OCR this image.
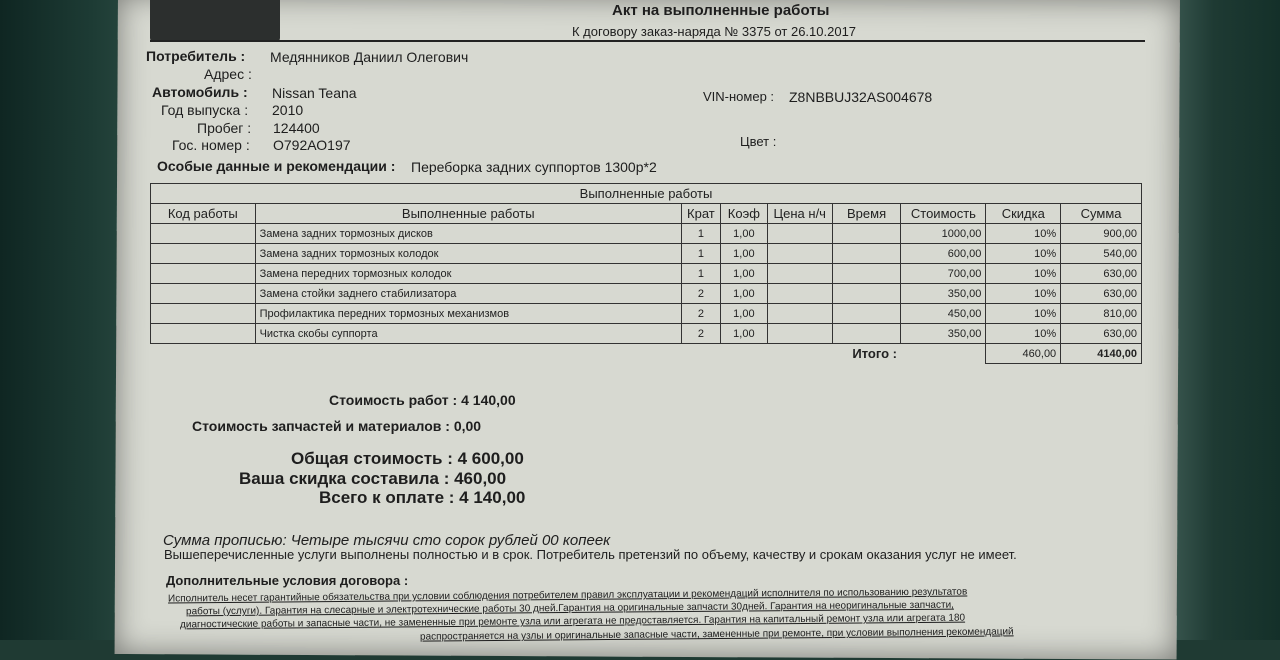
Акт на выполненные работы
К договору заказ-наряда № 3375 от 26.10.2017
Потребитель : Медянников Даниил Олегович
Адрес :
Автомобиль : Nissan Teana
Год выпуска : 2010
Пробег : 124400
Гос. номер : О792АО197
VIN-номер : Z8NBBUJ32AS004678
Цвет :
Особые данные и рекомендации : Переборка задних суппортов 1300р*2
Выполненные работы								
Код работы	Выполненные работы	Крат	Коэф	Цена н/ч	Время	Стоимость	Скидка	Сумма
	Замена задних тормозных дисков	1	1,00			1000,00	10%	900,00
	Замена задних тормозных колодок	1	1,00			600,00	10%	540,00
	Замена передних тормозных колодок	1	1,00			700,00	10%	630,00
	Замена стойки заднего стабилизатора	2	1,00			350,00	10%	630,00
	Профилактика передних тормозных механизмов	2	1,00			450,00	10%	810,00
	Чистка скобы суппорта	2	1,00			350,00	10%	630,00
Итого :							460,00	4140,00
Стоимость работ : 4 140,00
Стоимость запчастей и материалов : 0,00
Общая стоимость : 4 600,00
Ваша скидка составила : 460,00
Всего к оплате : 4 140,00
Сумма прописью: Четыре тысячи сто сорок рублей 00 копеек
Вышеперечисленные услуги выполнены полностью и в срок. Потребитель претензий по объему, качеству и срокам оказания услуг не имеет.
Дополнительные условия договора :
Исполнитель несет гарантийные обязательства при условии соблюдения потребителем правил эксплуатации и рекомендаций исполнителя по использованию результатов
работы (услуги). Гарантия на слесарные и электротехнические работы 30 дней.Гарантия на оригинальные запчасти 30дней. Гарантия на неоригинальные запчасти,
диагностические работы и запасные части, не замененные при ремонте узла или агрегата не предоставляется. Гарантия на капитальный ремонт узла или агрегата 180
распространяется на узлы и оригинальные запасные части, замененные при ремонте, при условии выполнения рекомендаций
